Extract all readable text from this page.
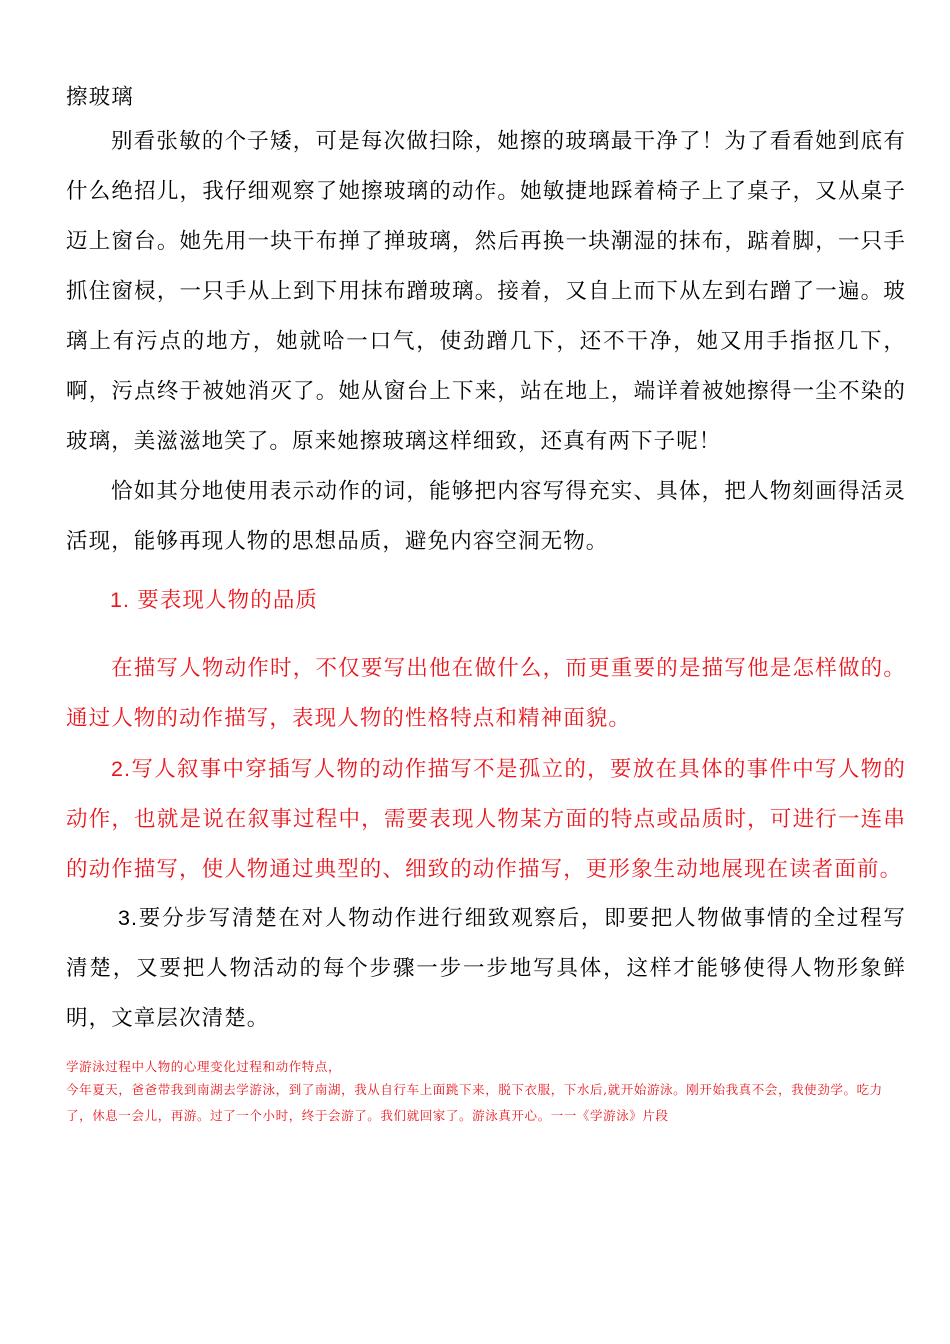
擦玻璃

别看张敏的个子矮，可是每次做扫除，她擦的玻璃最干净了！为了看看她到底有什么绝招儿，我仔细观察了她擦玻璃的动作。她敏捷地踩着椅子上了桌子，又从桌子迈上窗台。她先用一块干布掸了掸玻璃，然后再换一块潮湿的抹布，踮着脚，一只手抓住窗棂，一只手从上到下用抹布蹭玻璃。接着，又自上而下从左到右蹭了一遍。玻璃上有污点的地方，她就哈一口气，使劲蹭几下，还不干净，她又用手指抠几下，啊，污点终于被她消灭了。她从窗台上下来，站在地上，端详着被她擦得一尘不染的玻璃，美滋滋地笑了。原来她擦玻璃这样细致，还真有两下子呢！

恰如其分地使用表示动作的词，能够把内容写得充实、具体，把人物刻画得活灵活现，能够再现人物的思想品质，避免内容空洞无物。

1. 要表现人物的品质

在描写人物动作时，不仅要写出他在做什么，而更重要的是描写他是怎样做的。通过人物的动作描写，表现人物的性格特点和精神面貌。

2.写人叙事中穿插写人物的动作描写不是孤立的，要放在具体的事件中写人物的动作，也就是说在叙事过程中，需要表现人物某方面的特点或品质时，可进行一连串的动作描写，使人物通过典型的、细致的动作描写，更形象生动地展现在读者面前。

3.要分步写清楚在对人物动作进行细致观察后，即要把人物做事情的全过程写清楚，又要把人物活动的每个步骤一步一步地写具体，这样才能够使得人物形象鲜明，文章层次清楚。

学游泳过程中人物的心理变化过程和动作特点，

今年夏天，爸爸带我到南湖去学游泳，到了南湖，我从自行车上面跳下来，脱下衣服，下水后,就开始游泳。刚开始我真不会，我使劲学。吃力了，休息一会儿，再游。过了一个小时，终于会游了。我们就回家了。游泳真开心。一一《学游泳》片段
